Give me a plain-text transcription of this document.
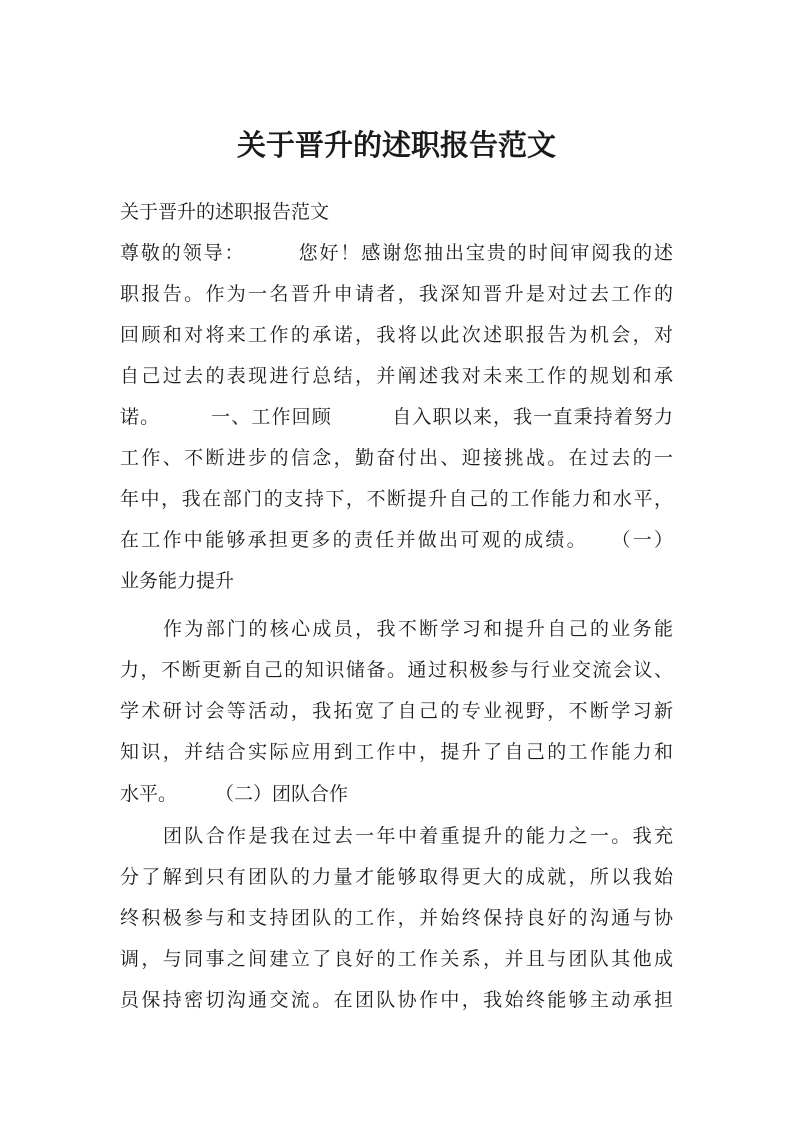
关于晋升的述职报告范文
关于晋升的述职报告范文
尊敬的领导：　　　您好！感谢您抽出宝贵的时间审阅我的述
职报告。作为一名晋升申请者，我深知晋升是对过去工作的
回顾和对将来工作的承诺，我将以此次述职报告为机会，对
自己过去的表现进行总结，并阐述我对未来工作的规划和承
诺。　　　一、工作回顾　　　自入职以来，我一直秉持着努力
工作、不断进步的信念，勤奋付出、迎接挑战。在过去的一
年中，我在部门的支持下，不断提升自己的工作能力和水平，
在工作中能够承担更多的责任并做出可观的成绩。　　（一）
业务能力提升
作为部门的核心成员，我不断学习和提升自己的业务能
力，不断更新自己的知识储备。通过积极参与行业交流会议、
学术研讨会等活动，我拓宽了自己的专业视野，不断学习新
知识，并结合实际应用到工作中，提升了自己的工作能力和
水平。　　　（二）团队合作
团队合作是我在过去一年中着重提升的能力之一。我充
分了解到只有团队的力量才能够取得更大的成就，所以我始
终积极参与和支持团队的工作，并始终保持良好的沟通与协
调，与同事之间建立了良好的工作关系，并且与团队其他成
员保持密切沟通交流。在团队协作中，我始终能够主动承担
